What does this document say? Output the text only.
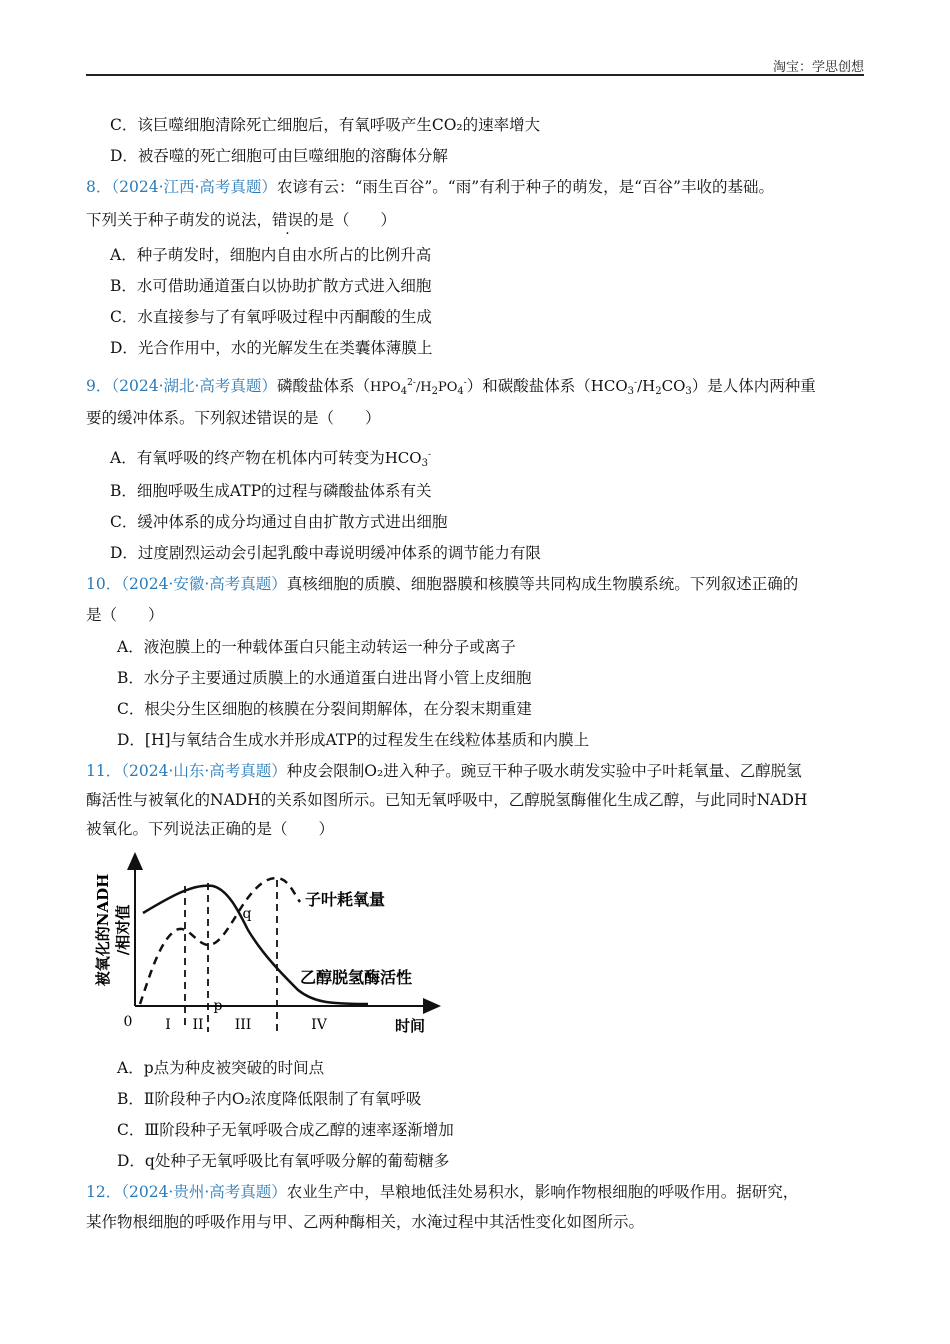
淘宝：学思创想
C．该巨噬细胞清除死亡细胞后，有氧呼吸产生CO₂的速率增大
D．被吞噬的死亡细胞可由巨噬细胞的溶酶体分解
8．（2024·江西·高考真题）农谚有云：“雨生百谷”。“雨”有利于种子的萌发，是“百谷”丰收的基础。
下列关于种子萌发的说法，错误的是（　　）
A．种子萌发时，细胞内自由水所占的比例升高
B．水可借助通道蛋白以协助扩散方式进入细胞
C．水直接参与了有氧呼吸过程中丙酮酸的生成
D．光合作用中，水的光解发生在类囊体薄膜上
9．（2024·湖北·高考真题）磷酸盐体系$(HPO_4^{2-}/H_2PO_4^-)$和碳酸盐体系$(HCO_3^-/H_2CO_3)$是人体内两种重
要的缓冲体系。下列叙述错误的是（　　）
A．有氧呼吸的终产物在机体内可转变为$HCO_3^-$
B．细胞呼吸生成ATP的过程与磷酸盐体系有关
C．缓冲体系的成分均通过自由扩散方式进出细胞
D．过度剧烈运动会引起乳酸中毒说明缓冲体系的调节能力有限
10．（2024·安徽·高考真题）真核细胞的质膜、细胞器膜和核膜等共同构成生物膜系统。下列叙述正确的
是（　　）
A．液泡膜上的一种载体蛋白只能主动转运一种分子或离子
B．水分子主要通过质膜上的水通道蛋白进出肾小管上皮细胞
C．根尖分生区细胞的核膜在分裂间期解体，在分裂末期重建
D．[H]与氧结合生成水并形成ATP的过程发生在线粒体基质和内膜上
11．（2024·山东·高考真题）种皮会限制O₂进入种子。豌豆干种子吸水萌发实验中子叶耗氧量、乙醇脱氢
酶活性与被氧化的NADH的关系如图所示。已知无氧呼吸中，乙醇脱氢酶催化生成乙醇，与此同时NADH
被氧化。下列说法正确的是（　　）
0 I II III	IV	时间
p
q
子叶耗氧量
乙醇脱氢酶活性
被氧化的NADH /相对值
A．p点为种皮被突破的时间点
B．Ⅱ阶段种子内O₂浓度降低限制了有氧呼吸
C．Ⅲ阶段种子无氧呼吸合成乙醇的速率逐渐增加
D．q处种子无氧呼吸比有氧呼吸分解的葡萄糖多
12．（2024·贵州·高考真题）农业生产中，旱粮地低洼处易积水，影响作物根细胞的呼吸作用。据研究，
某作物根细胞的呼吸作用与甲、乙两种酶相关，水淹过程中其活性变化如图所示。
